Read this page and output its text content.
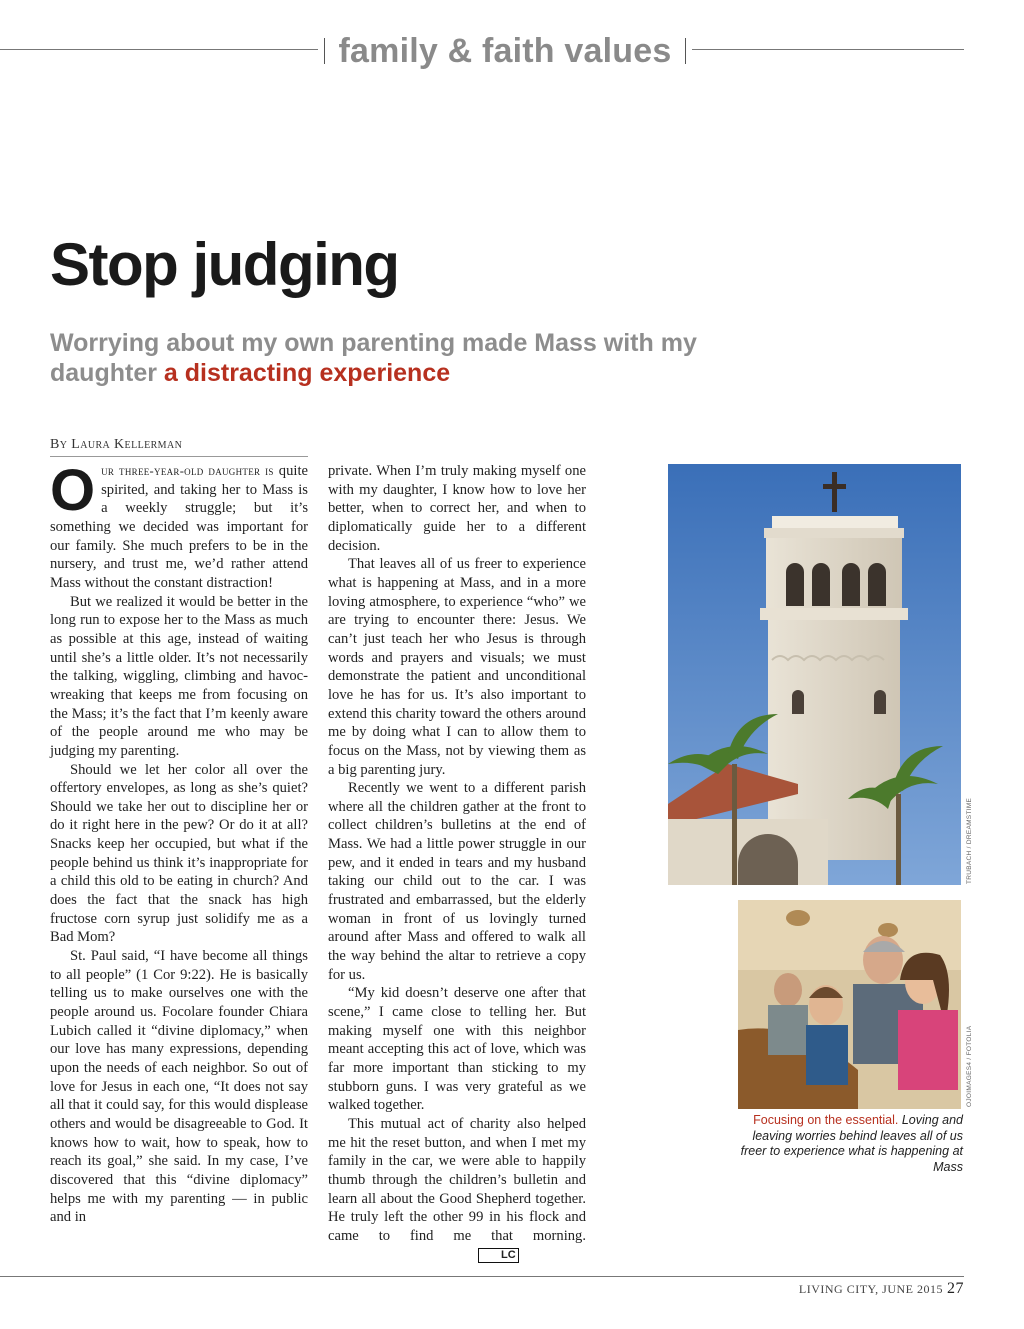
family & faith values
Stop judging

Worrying about my own parenting made Mass with my daughter a distracting experience

By Laura Kellerman

Our three-year-old daughter is quite spirited, and taking her to Mass is a weekly struggle; but it’s something we decided was important for our family. She much prefers to be in the nursery, and trust me, we’d rather attend Mass without the constant distraction!

But we realized it would be better in the long run to expose her to the Mass as much as possible at this age, instead of waiting until she’s a little older. It’s not necessarily the talking, wiggling, climbing and havoc-wreaking that keeps me from focusing on the Mass; it’s the fact that I’m keenly aware of the people around me who may be judging my parenting.

Should we let her color all over the offertory envelopes, as long as she’s quiet? Should we take her out to discipline her or do it right here in the pew? Or do it at all? Snacks keep her occupied, but what if the people behind us think it’s inappropriate for a child this old to be eating in church? And does the fact that the snack has high fructose corn syrup just solidify me as a Bad Mom?

St. Paul said, “I have become all things to all people” (1 Cor 9:22). He is basically telling us to make ourselves one with the people around us. Focolare founder Chiara Lubich called it “divine diplomacy,” when our love has many expressions, depending upon the needs of each neighbor. So out of love for Jesus in each one, “It does not say all that it could say, for this would displease others and would be disagreeable to God. It knows how to wait, how to speak, how to reach its goal,” she said. In my case, I’ve discovered that this “divine diplomacy” helps me with my parenting — in public and in

private. When I’m truly making myself one with my daughter, I know how to love her better, when to correct her, and when to diplomatically guide her to a different decision.

That leaves all of us freer to experience what is happening at Mass, and in a more loving atmosphere, to experience “who” we are trying to encounter there: Jesus. We can’t just teach her who Jesus is through words and prayers and visuals; we must demonstrate the patient and unconditional love he has for us. It’s also important to extend this charity toward the others around me by doing what I can to allow them to focus on the Mass, not by viewing them as a big parenting jury.

Recently we went to a different parish where all the children gather at the front to collect children’s bulletins at the end of Mass. We had a little power struggle in our pew, and it ended in tears and my husband taking our child out to the car. I was frustrated and embarrassed, but the elderly woman in front of us lovingly turned around after Mass and offered to walk all the way behind the altar to retrieve a copy for us.

“My kid doesn’t deserve one after that scene,” I came close to telling her. But making myself one with this neighbor meant accepting this act of love, which was far more important than sticking to my stubborn guns. I was very grateful as we walked together.

This mutual act of charity also helped me hit the reset button, and when I met my family in the car, we were able to happily thumb through the children’s bulletin and learn all about the Good Shepherd together. He truly left the other 99 in his flock and came to find me that morning.LC

TRUBACH / DREAMSTIME
OJOIMAGES4 / FOTOLIA
Focusing on the essential. Loving and leaving worries behind leaves all of us freer to experience what is happening at Mass
LIVING CITY, JUNE 2015 27
